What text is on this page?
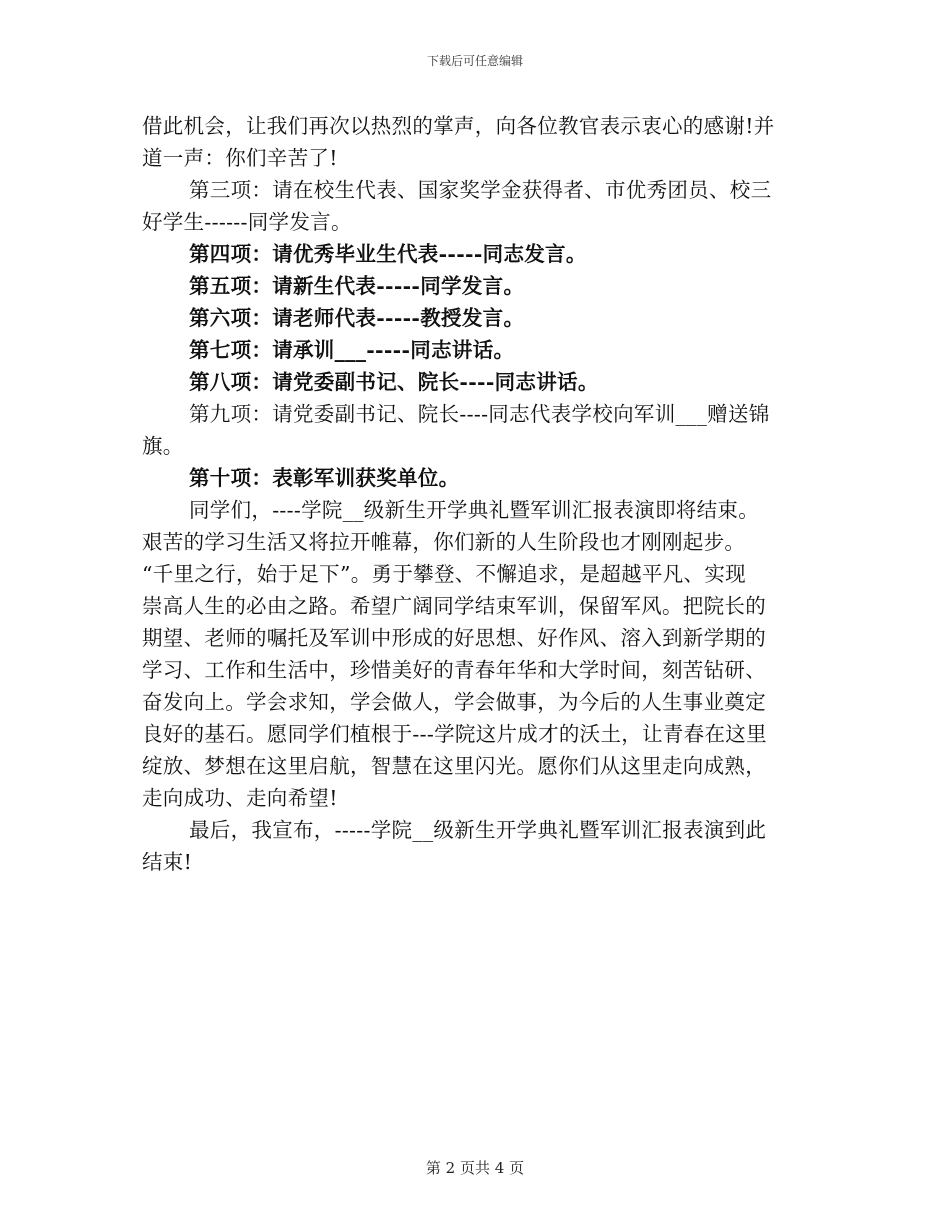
下载后可任意编辑
借此机会，让我们再次以热烈的掌声，向各位教官表示衷心的感谢!并
道一声：你们辛苦了!
第三项：请在校生代表、国家奖学金获得者、市优秀团员、校三
好学生------同学发言。
第四项：请优秀毕业生代表-----同志发言。
第五项：请新生代表-----同学发言。
第六项：请老师代表-----教授发言。
第七项：请承训___-----同志讲话。
第八项：请党委副书记、院长----同志讲话。
第九项：请党委副书记、院长----同志代表学校向军训___赠送锦
旗。
第十项：表彰军训获奖单位。
同学们，----学院__级新生开学典礼暨军训汇报表演即将结束。
艰苦的学习生活又将拉开帷幕，你们新的人生阶段也才刚刚起步。
“千里之行，始于足下”。勇于攀登、不懈追求，是超越平凡、实现
崇高人生的必由之路。希望广阔同学结束军训，保留军风。把院长的
期望、老师的嘱托及军训中形成的好思想、好作风、溶入到新学期的
学习、工作和生活中，珍惜美好的青春年华和大学时间，刻苦钻研、
奋发向上。学会求知，学会做人，学会做事，为今后的人生事业奠定
良好的基石。愿同学们植根于---学院这片成才的沃土，让青春在这里
绽放、梦想在这里启航，智慧在这里闪光。愿你们从这里走向成熟，
走向成功、走向希望!
最后，我宣布，-----学院__级新生开学典礼暨军训汇报表演到此
结束!
第 2 页共 4 页
